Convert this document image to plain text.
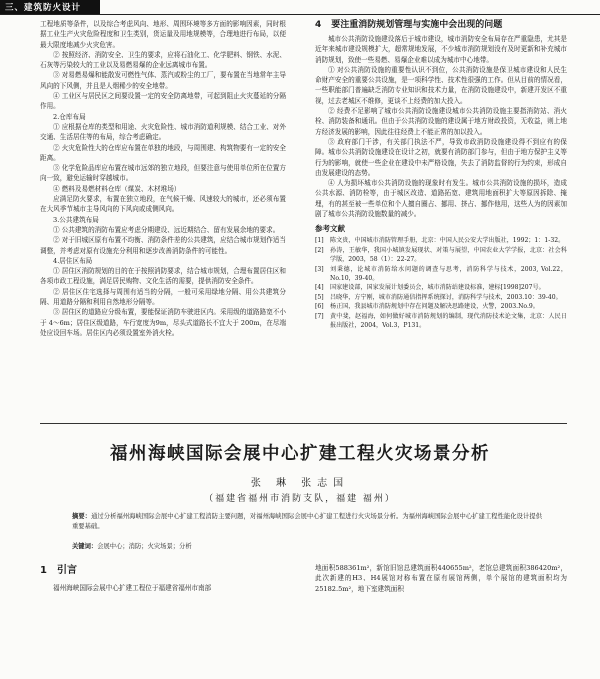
三、建筑防火设计

工程地质等条件，以及综合考虑风向、地形、周围环境等多方面的影响因素，同时根据工业生产火灾危险程度和卫生类别，货运量及用地规模等，合理地进行布局，以便最大限度地减少火灾危害。

② 按照经济、消防安全、卫生的要求，应将石油化工、化学肥料、钢铁、水泥、石灰等污染较大的工业以及易燃易爆的企业远离城市布置。

③ 对易燃易爆和能散发可燃性气体、蒸汽或粉尘的工厂，要布置在当地常年主导风向的下风侧，并且是人烟稀少的安全地带。

④ 工业区与居民区之间要设置一定的安全防离地带，可起到阻止火灾蔓延的分隔作用。

2.仓库布局

① 应根据仓库的类型和用途、火灾危险性、城市消防道利规模、结合工业、对外交通、生活居住等的布局，综合考虑确定。

② 火灾危险性大的仓库应布置在单独的地段，与周围建、构筑物要有一定的安全距离。

③ 化学危险品库应布置在城市远郊的独立地段，但要注意与使用单位所在位置方向一致，避免运输时穿越城市。

④ 燃料及易燃材料仓库（煤炭、木材堆场）

应满足防火要求，布置在独立地段，在气候干燥、风速较大的城市，还必须布置在大风季节城市主导风向的下风向或成侧风向。

3.公共建筑布局

① 公共建筑的消防布置应考虑分期建设、远近期结合、留有发展余地的要求。

② 对于旧城区原有布置不均衡、消防条件差的公共建筑，应结合城市规划作适当调整，并考虑对原有设施充分利用和逐步改善消防条件的可能性。

4.居住区布局

① 居住区消防规划的目的在于按照消防要求，结合城市规划，合理布置居住区和各项市政工程设施，满足居民购物、文化生活的需要，提供消防安全条件。

② 居住区住宅选择与周围有适当的分隔，一般可采用绿地分隔、用公共建筑分隔、用道路分隔和利用自然地形分隔等。

③ 居住区的道路应分级布置，要能保证消防车驶进区内。采用级的道路路宽不小于 4～6m；居住区级道路，车行宽度为9m，尽头式道路长不宜大于 200m，在尽端处应设回车场。居住区内必须设置室外消火栓。

4 要注重消防规划管理与实施中会出现的问题

城市公共消防设施建设落后于城市建设，城市消防安全布局存在严重隐患，尤其是近年来城市建设规模扩大，超常规地发展，不少城市消防规划没有及时更新和补充城市消防规划，致使一些易燃、易爆企业难以成为城市中心地带。

① 对公共消防设施的重要性认识不到位，公共消防设施是保卫城市建设和人民生命财产安全的重要公共设施，是一项科学性、技术性很强的工作。但从目前的情况看，一些职能部门普遍缺乏消防专业知识和技术力量，在消防设施建设中，新建开发区不重视，过去老城区不维修，更谈不上经费的加大投入。

② 经费不足影响了城市公共消防设施建设城市公共消防设施主要指消防站、消火栓、消防装备和通讯。但由于公共消防设施的建设属于地方财政投资，无收益，则上地方经济发展的影响，因此往往经费上不能正常的加以投入。

③ 政府部门干涉，有关部门执法不严，导致市政消防设施建设得不到应有的保障。城市公共消防设施建设在设计之初，就要有消防部门参与，但由于地方保护主义等行为的影响，就使一些企业在建设中未严格设施，失去了消防监督的行为约束，形成自由发展建设的态势。

④ 人为损坏城市公共消防设施的现象时有发生。城市公共消防设施的损坏，造成公共水源、消防栓等，由于城区改造、道路拓宽、建筑用地面积扩大等原因拆除、掩埋，有的甚至被一些单位和个人擅自圈占、挪用、挤占、挪作他用，这些人为的因素加剧了城市公共消防设施数量的减少。

参考文献
[1] 陈文贵，中国城市消防管理手册，北京：中国人民公安大学出版社，1992；1：1-32。
[2] 孙涛，王敏华，我国小城镇发展现状、对策与展望，中国农业大学学报，北京：社会科学版，2003，58（1）：22-27。
[3] 刘秉德，论城市消防给水问题的调查与思考，消防科学与技术，2003, Vol.22，No.10，39-40。
[4] 国家建设部，国家发展计划委员会，城市消防站建设标准，建标[1998]207号。
[5] 吕晓华，方宁刚，城市消防通信指挥系统探讨，消防科学与技术，2003.10：39-40。
[6] 杨正国，我县城市消防规划中存在问题及解决思路建设，火警，2003.No.9。
[7] 黄中斐，赵福海，如何做好城市消防规划的编制，现代消防技术论文集，北京：人民日报出版社，2004，Vol.3，P131。
福州海峡国际会展中心扩建工程火灾场景分析
张 琳 张志国
（福建省福州市消防支队，福建 福州）
摘要：通过分析福州海峡国际会展中心扩建工程消防主要问题，对福州海峡国际会展中心扩建工程进行火灾场景分析。为福州海峡国际会展中心扩建工程性能化设计提供重要基础。
关键词：会展中心；消防；火灾场景；分析
1 引言

福州海峡国际会展中心扩建工程位于福建省福州市南部

地面积588361m²，新馆旧馆总建筑面积440655m²，老馆总建筑面积386420m²，此次新建的H3、H4展馆对称布置在原有展馆两侧，单个展馆的建筑面积均为25182.5m²，地下室建筑面积
